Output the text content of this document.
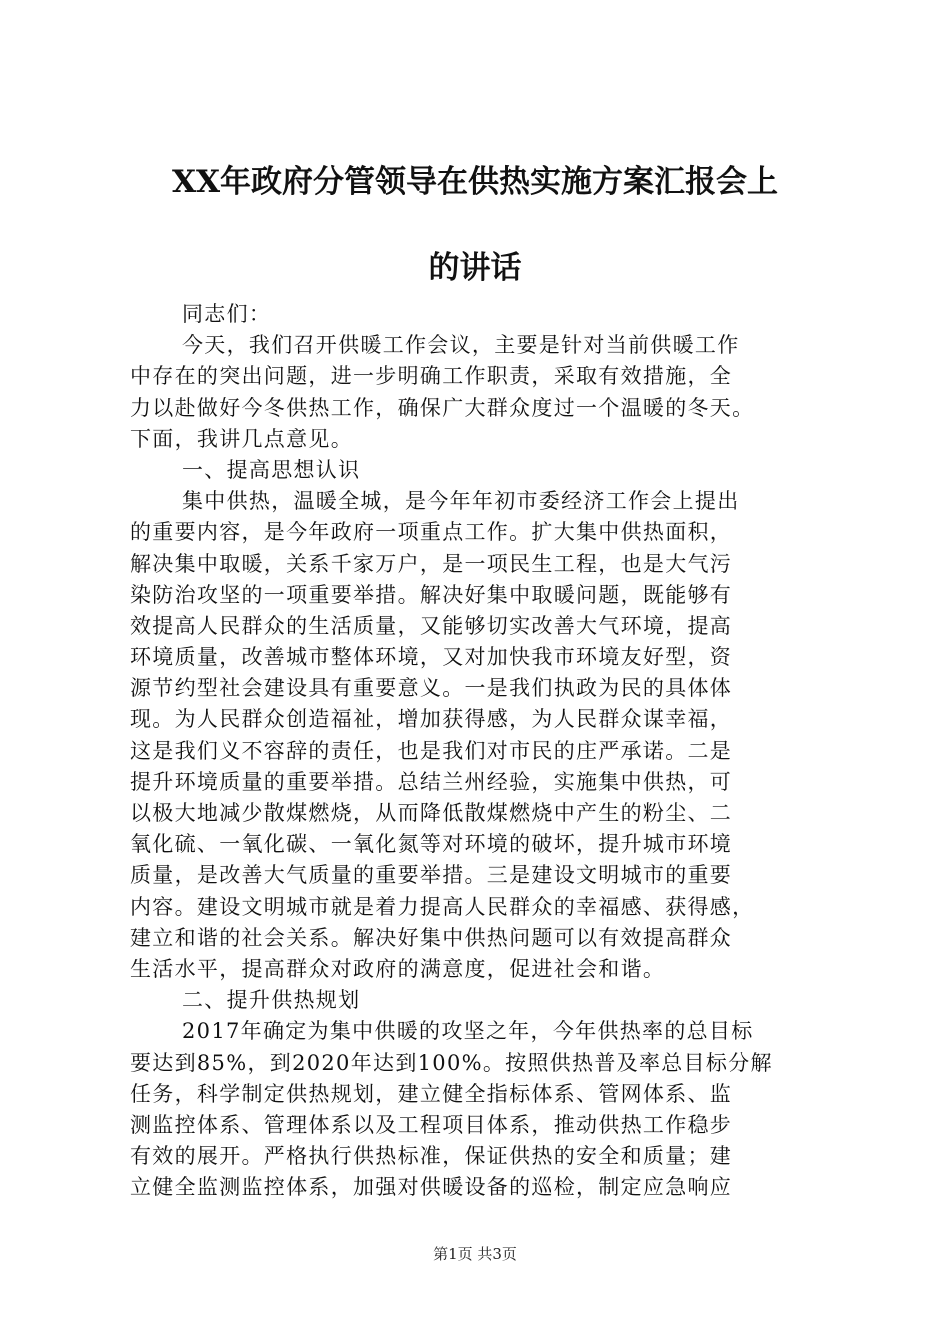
XX年政府分管领导在供热实施方案汇报会上
的讲话

同志们：

今天，我们召开供暖工作会议，主要是针对当前供暖工作

中存在的突出问题，进一步明确工作职责，采取有效措施，全

力以赴做好今冬供热工作，确保广大群众度过一个温暖的冬天。

下面，我讲几点意见。

一、提高思想认识

集中供热，温暖全城，是今年年初市委经济工作会上提出

的重要内容，是今年政府一项重点工作。扩大集中供热面积，

解决集中取暖，关系千家万户，是一项民生工程，也是大气污

染防治攻坚的一项重要举措。解决好集中取暖问题，既能够有

效提高人民群众的生活质量，又能够切实改善大气环境，提高

环境质量，改善城市整体环境，又对加快我市环境友好型，资

源节约型社会建设具有重要意义。一是我们执政为民的具体体

现。为人民群众创造福祉，增加获得感，为人民群众谋幸福，

这是我们义不容辞的责任，也是我们对市民的庄严承诺。二是

提升环境质量的重要举措。总结兰州经验，实施集中供热，可

以极大地减少散煤燃烧，从而降低散煤燃烧中产生的粉尘、二

氧化硫、一氧化碳、一氧化氮等对环境的破坏，提升城市环境

质量，是改善大气质量的重要举措。三是建设文明城市的重要

内容。建设文明城市就是着力提高人民群众的幸福感、获得感，

建立和谐的社会关系。解决好集中供热问题可以有效提高群众

生活水平，提高群众对政府的满意度，促进社会和谐。

二、提升供热规划

2017年确定为集中供暖的攻坚之年，今年供热率的总目标

要达到85%，到2020年达到100%。按照供热普及率总目标分解

任务，科学制定供热规划，建立健全指标体系、管网体系、监

测监控体系、管理体系以及工程项目体系，推动供热工作稳步

有效的展开。严格执行供热标准，保证供热的安全和质量；建

立健全监测监控体系，加强对供暖设备的巡检，制定应急响应

第1页 共3页
